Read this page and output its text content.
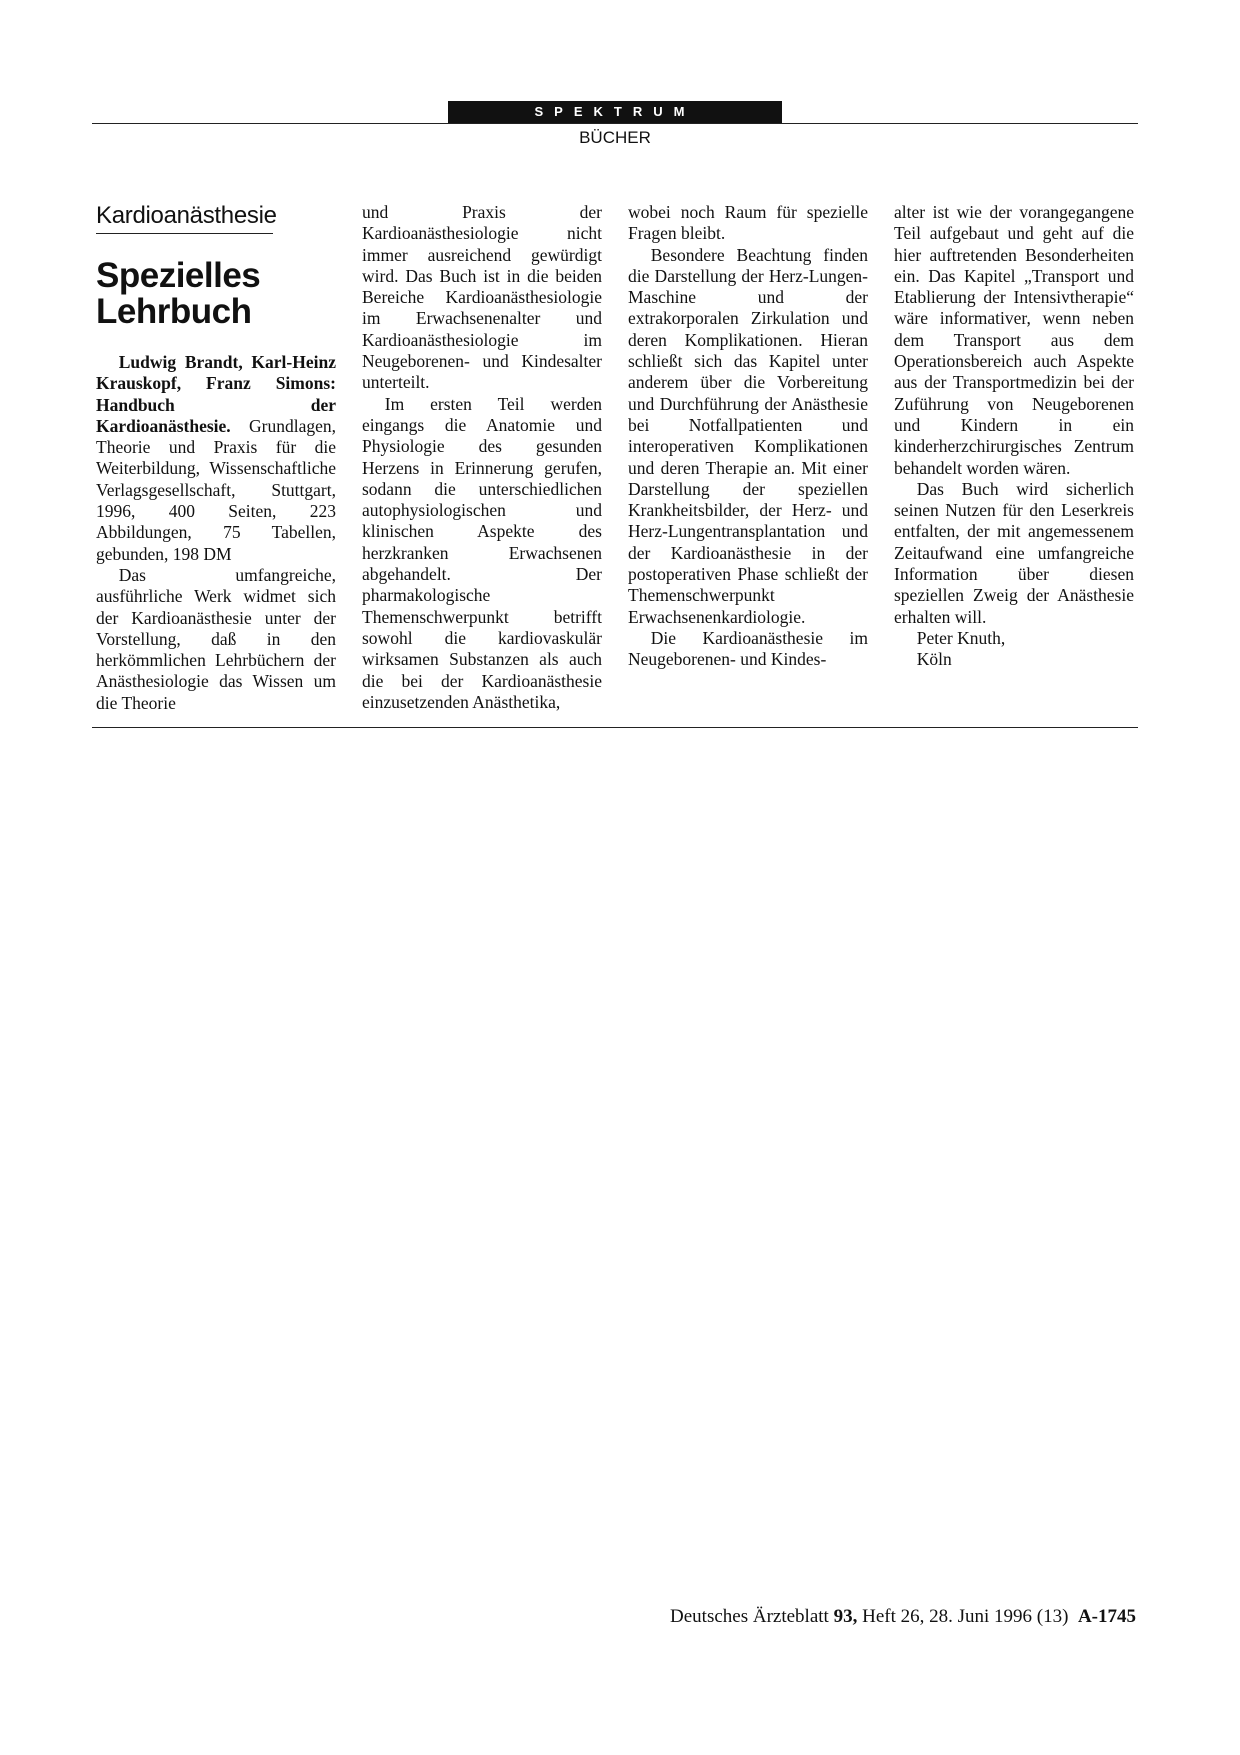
SPEKTRUM
BÜCHER
Kardioanästhesie
Spezielles Lehrbuch

Ludwig Brandt, Karl-Heinz Krauskopf, Franz Simons: Handbuch der Kardioanästhesie. Grundlagen, Theorie und Praxis für die Weiterbildung, Wissenschaftliche Verlagsgesellschaft, Stuttgart, 1996, 400 Seiten, 223 Abbildungen, 75 Tabellen, gebunden, 198 DM

Das umfangreiche, ausführliche Werk widmet sich der Kardioanästhesie unter der Vorstellung, daß in den herkömmlichen Lehrbüchern der Anästhesiologie das Wissen um die Theorie

und Praxis der Kardioanästhesiologie nicht immer ausreichend gewürdigt wird. Das Buch ist in die beiden Bereiche Kardioanästhesiologie im Erwachsenenalter und Kardioanästhesiologie im Neugeborenen- und Kindesalter unterteilt.

Im ersten Teil werden eingangs die Anatomie und Physiologie des gesunden Herzens in Erinnerung gerufen, sodann die unterschiedlichen autophysiologischen und klinischen Aspekte des herzkranken Erwachsenen abgehandelt. Der pharmakologische Themenschwerpunkt betrifft sowohl die kardiovaskulär wirksamen Substanzen als auch die bei der Kardioanästhesie einzusetzenden Anästhetika,

wobei noch Raum für spezielle Fragen bleibt.

Besondere Beachtung finden die Darstellung der Herz-Lungen-Maschine und der extrakorporalen Zirkulation und deren Komplikationen. Hieran schließt sich das Kapitel unter anderem über die Vorbereitung und Durchführung der Anästhesie bei Notfallpatienten und interoperativen Komplikationen und deren Therapie an. Mit einer Darstellung der speziellen Krankheitsbilder, der Herz- und Herz-Lungentransplantation und der Kardioanästhesie in der postoperativen Phase schließt der Themenschwerpunkt Erwachsenenkardiologie.

Die Kardioanästhesie im Neugeborenen- und Kindes-

alter ist wie der vorangegangene Teil aufgebaut und geht auf die hier auftretenden Besonderheiten ein. Das Kapitel „Transport und Etablierung der Intensivtherapie“ wäre informativer, wenn neben dem Transport aus dem Operationsbereich auch Aspekte aus der Transportmedizin bei der Zuführung von Neugeborenen und Kindern in ein kinderherzchirurgisches Zentrum behandelt worden wären.

Das Buch wird sicherlich seinen Nutzen für den Leserkreis entfalten, der mit angemessenem Zeitaufwand eine umfangreiche Information über diesen speziellen Zweig der Anästhesie erhalten will.

Peter Knuth,

Köln

Deutsches Ärzteblatt 93, Heft 26, 28. Juni 1996 (13) A-1745
